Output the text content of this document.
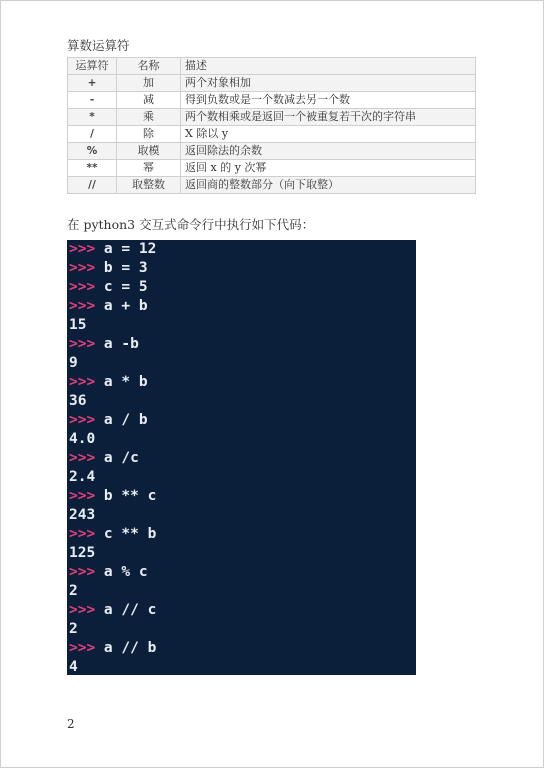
算数运算符
运算符	名称	描述
+	加	两个对象相加
-	减	得到负数或是一个数减去另一个数
*	乘	两个数相乘或是返回一个被重复若干次的字符串
/	除	X 除以 y
%	取模	返回除法的余数
**	幂	返回 x 的 y 次幂
//	取整数	返回商的整数部分（向下取整）
在 python3 交互式命令行中执行如下代码：
>>> a = 12
>>> b = 3
>>> c = 5
>>> a + b
15
>>> a -b
9
>>> a * b
36
>>> a / b
4.0
>>> a /c
2.4
>>> b ** c
243
>>> c ** b
125
>>> a % c
2
>>> a // c
2
>>> a // b
4
2
